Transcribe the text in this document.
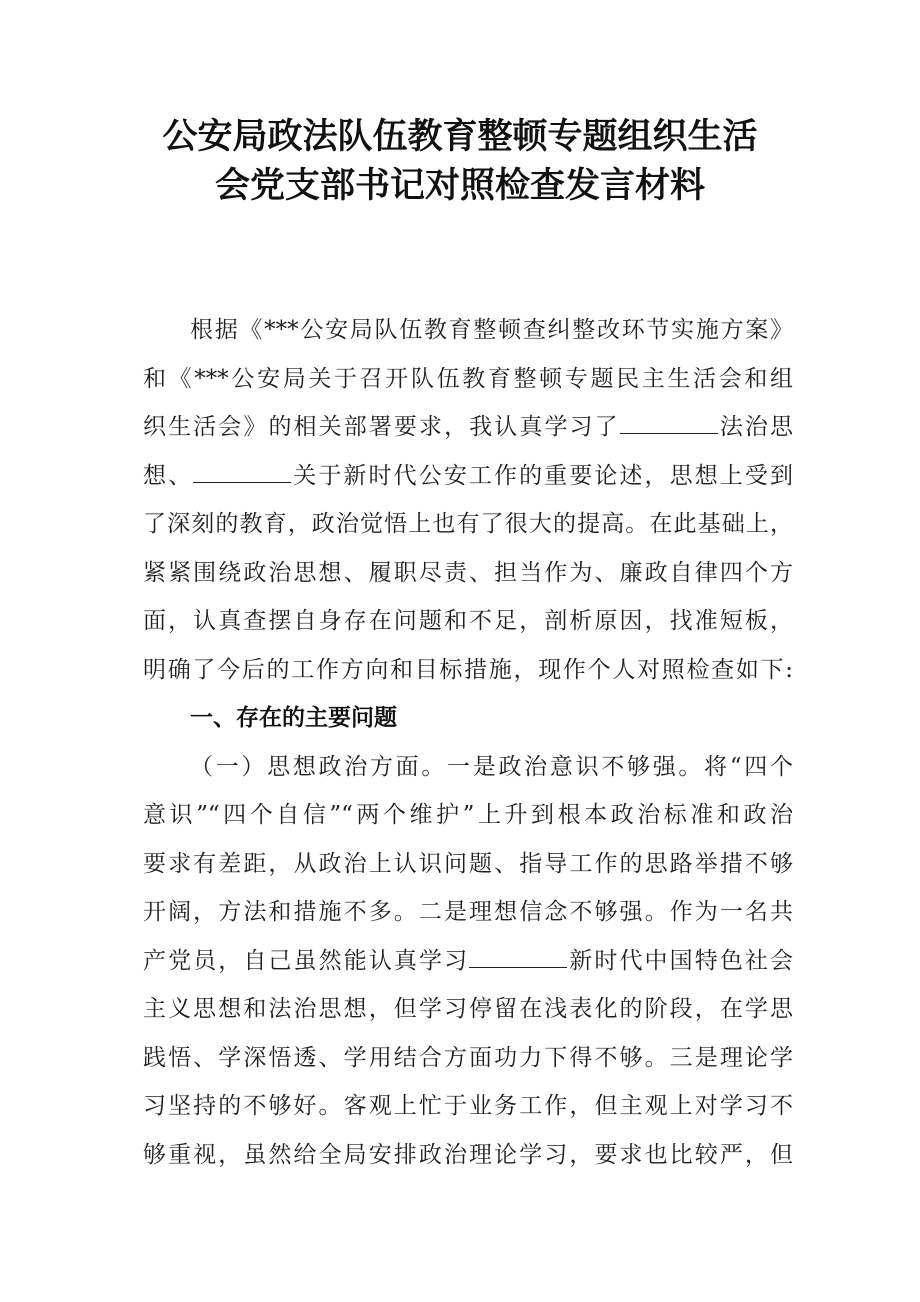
公安局政法队伍教育整顿专题组织生活
会党支部书记对照检查发言材料
根据《***公安局队伍教育整顿查纠整改环节实施方案》
和《***公安局关于召开队伍教育整顿专题民主生活会和组
织生活会》的相关部署要求，我认真学习了	法治思
想、	关于新时代公安工作的重要论述，思想上受到
了深刻的教育，政治觉悟上也有了很大的提高。在此基础上，
紧紧围绕政治思想、履职尽责、担当作为、廉政自律四个方
面，认真查摆自身存在问题和不足，剖析原因，找准短板，
明确了今后的工作方向和目标措施，现作个人对照检查如下:
一、存在的主要问题
（一）思想政治方面。一是政治意识不够强。将“四个
意识”“四个自信”“两个维护”上升到根本政治标准和政治
要求有差距，从政治上认识问题、指导工作的思路举措不够
开阔，方法和措施不多。二是理想信念不够强。作为一名共
产党员，自己虽然能认真学习	新时代中国特色社会
主义思想和法治思想，但学习停留在浅表化的阶段，在学思
践悟、学深悟透、学用结合方面功力下得不够。三是理论学
习坚持的不够好。客观上忙于业务工作，但主观上对学习不
够重视，虽然给全局安排政治理论学习，要求也比较严，但
